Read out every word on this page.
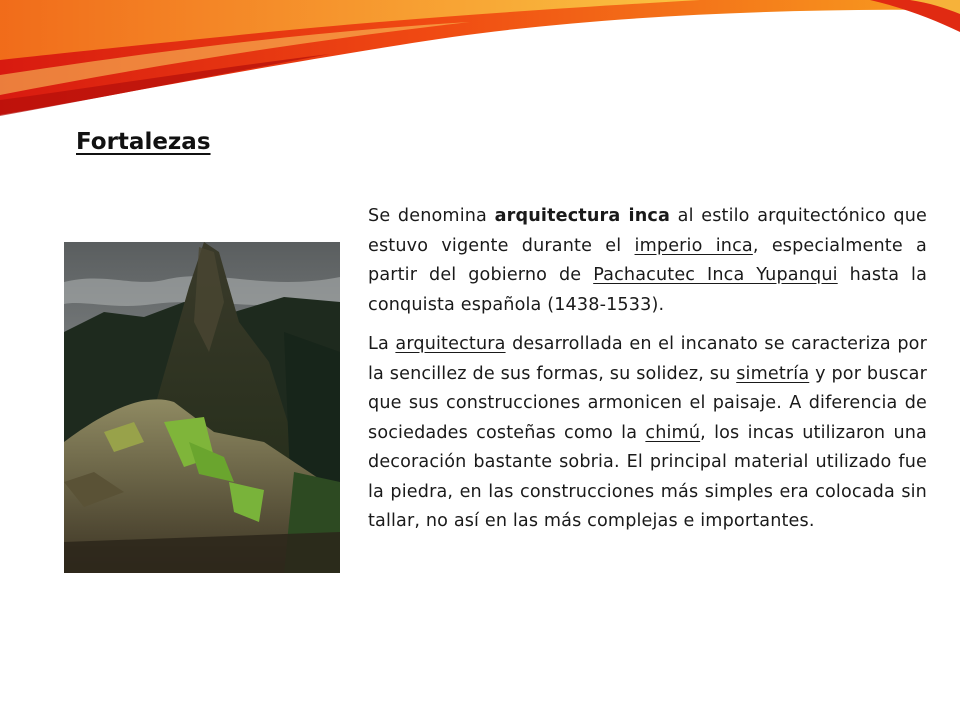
Fortalezas

Se denomina arquitectura inca al estilo arquitectónico que estuvo vigente durante el imperio inca, especialmente a partir del gobierno de Pachacutec Inca Yupanqui hasta la conquista española (1438-1533).

La arquitectura desarrollada en el incanato se caracteriza por la sencillez de sus formas, su solidez, su simetría y por buscar que sus construcciones armonicen el paisaje. A diferencia de sociedades costeñas como la chimú, los incas utilizaron una decoración bastante sobria. El principal material utilizado fue la piedra, en las construcciones más simples era colocada sin tallar, no así en las más complejas e importantes.
